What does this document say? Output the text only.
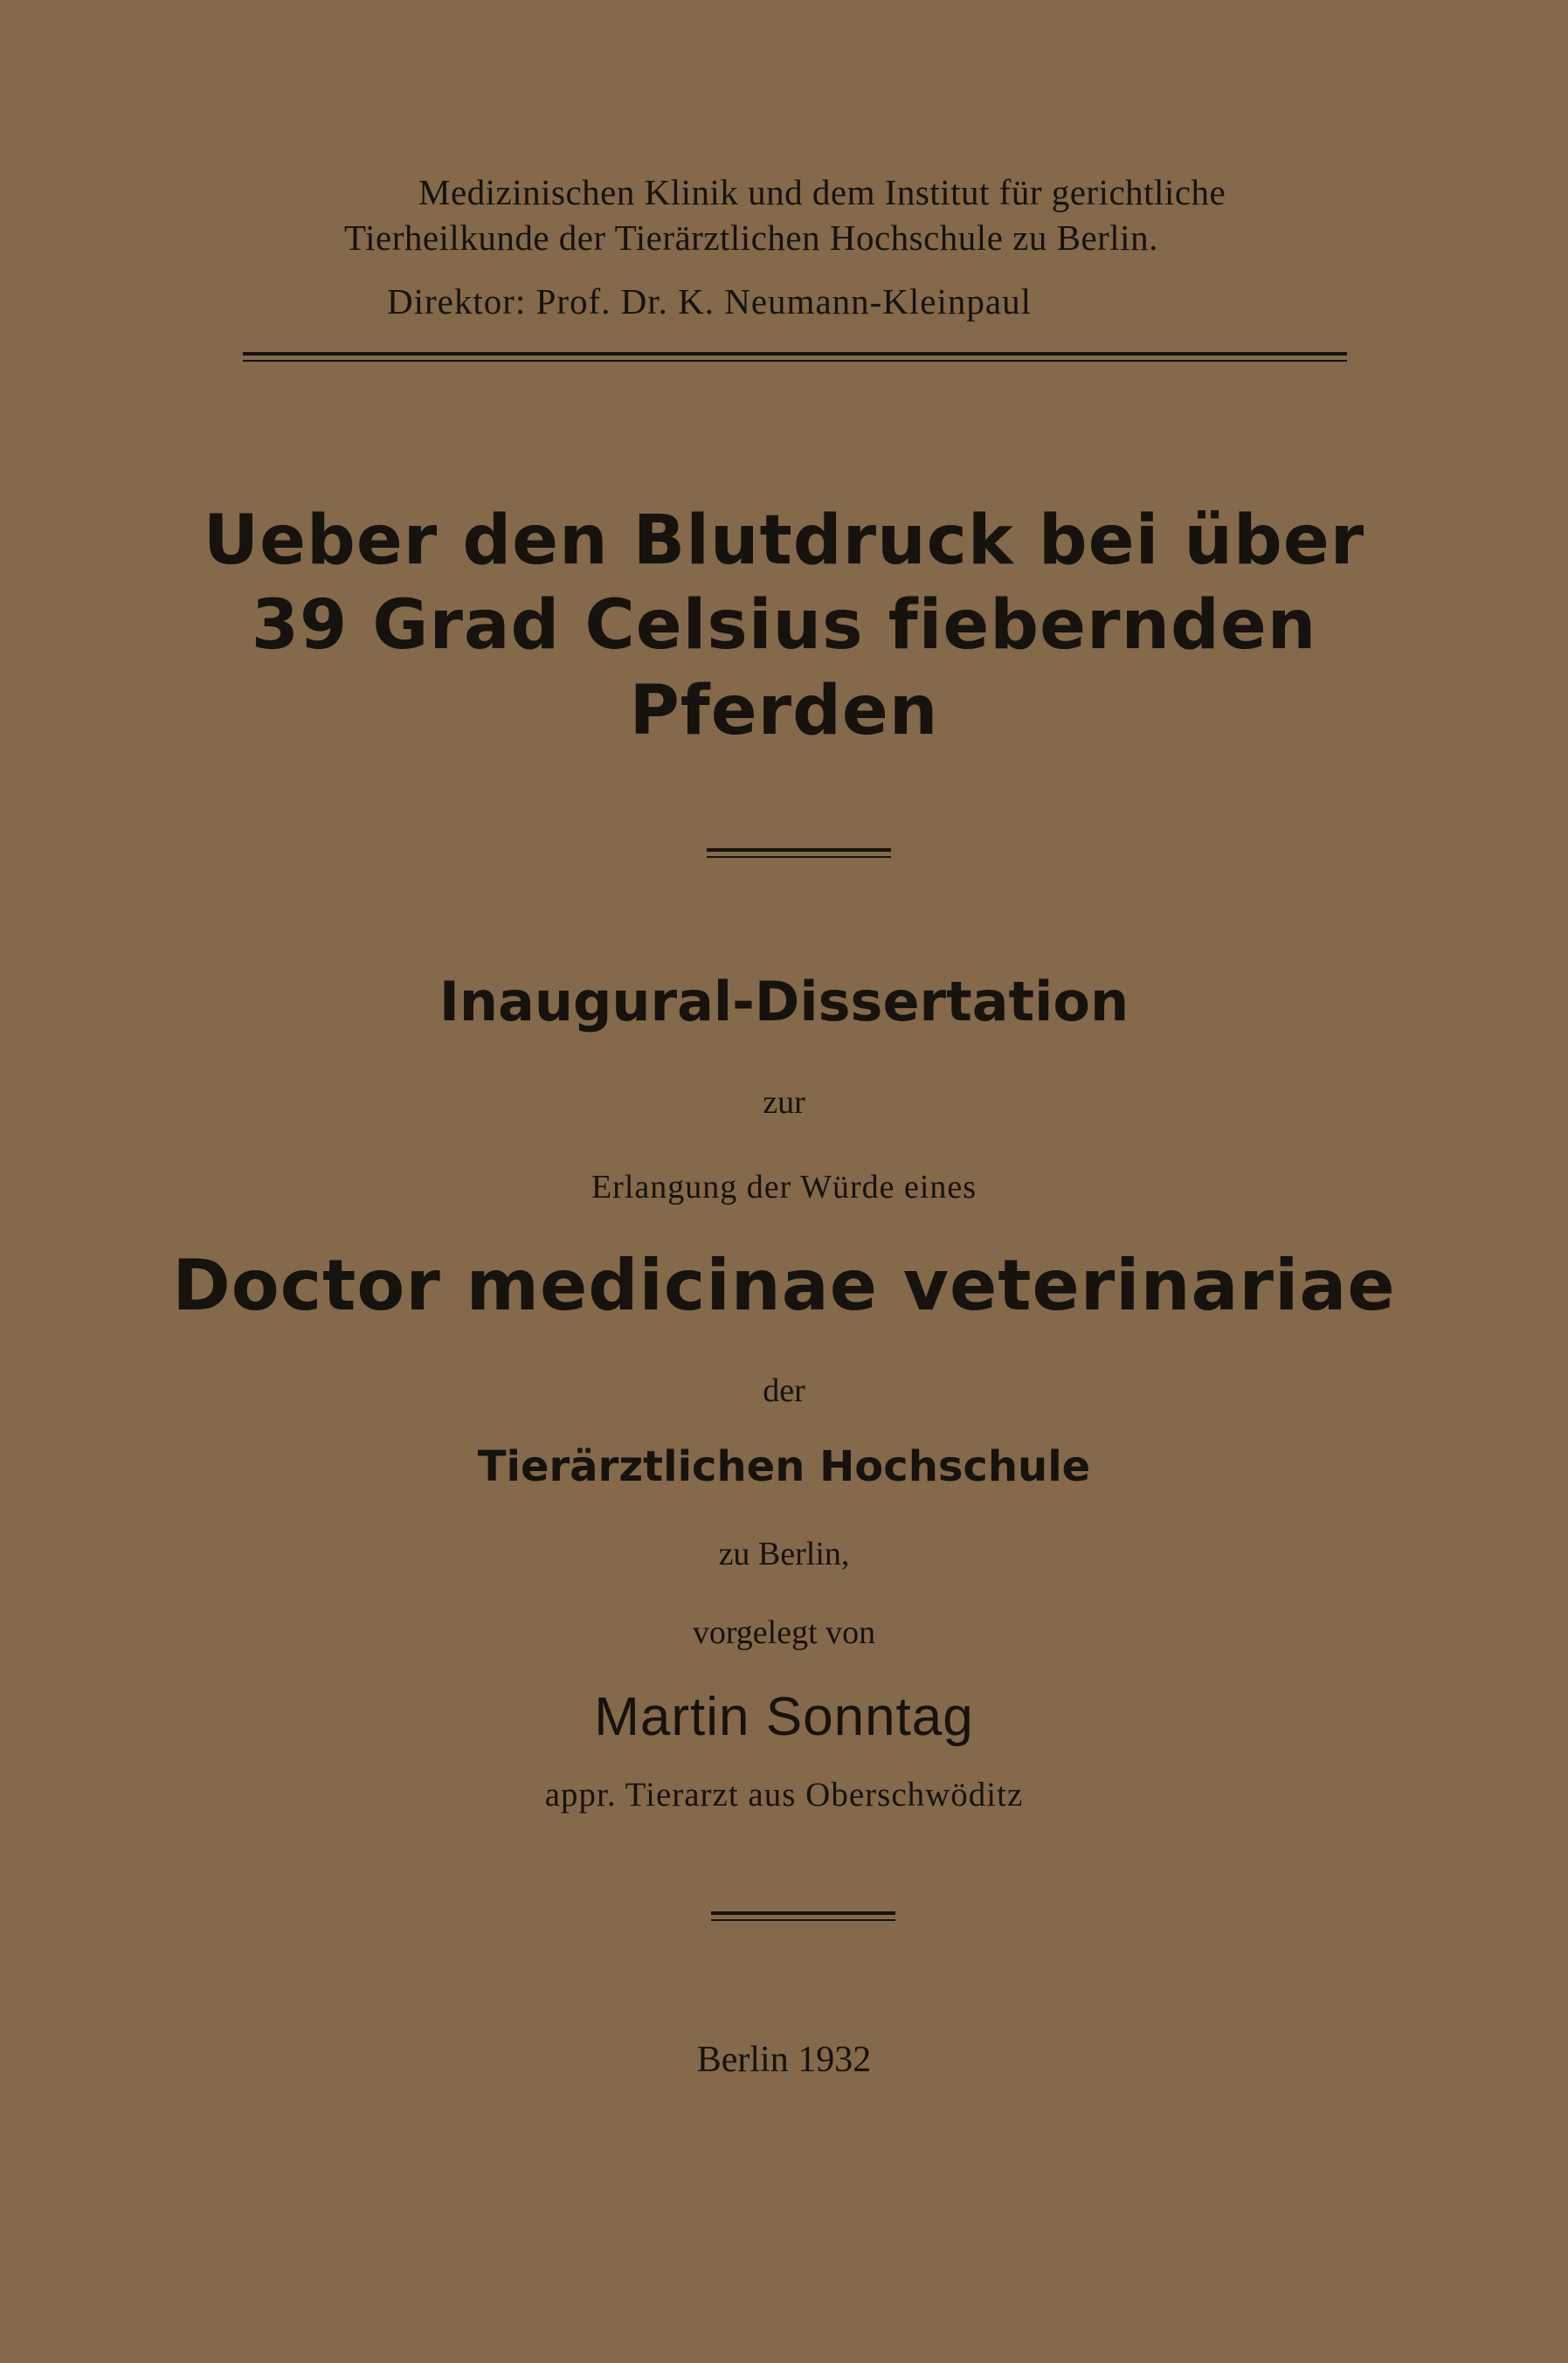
Medizinischen Klinik und dem Institut für gerichtliche
Tierheilkunde der Tierärztlichen Hochschule zu Berlin.
Direktor: Prof. Dr. K. Neumann-Kleinpaul
Ueber den Blutdruck bei über
39 Grad Celsius fiebernden
Pferden
Inaugural-Dissertation
zur
Erlangung der Würde eines
Doctor medicinae veterinariae
der
Tierärztlichen Hochschule
zu Berlin,
vorgelegt von
Martin Sonntag
appr. Tierarzt aus Oberschwöditz
Berlin 1932
